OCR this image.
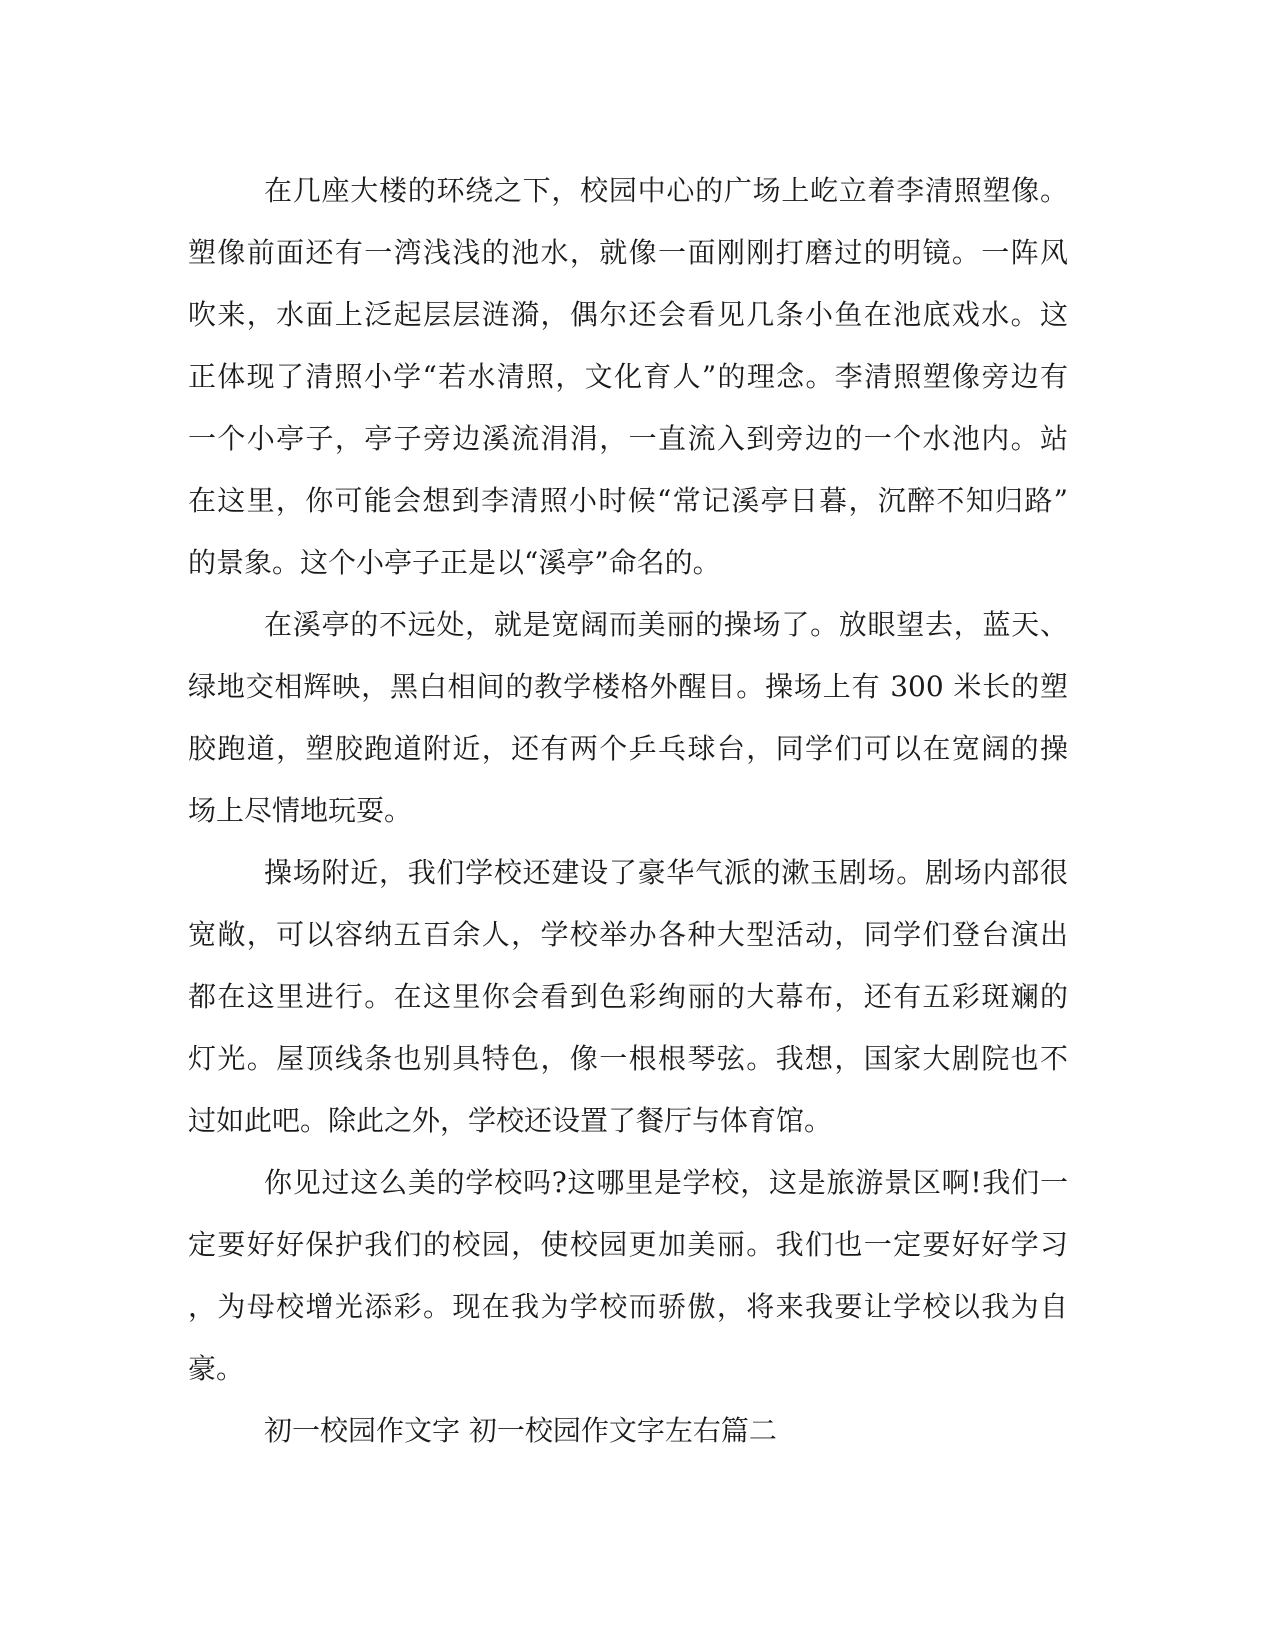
在几座大楼的环绕之下，校园中心的广场上屹立着李清照塑像。
塑像前面还有一湾浅浅的池水，就像一面刚刚打磨过的明镜。一阵风
吹来，水面上泛起层层涟漪，偶尔还会看见几条小鱼在池底戏水。这
正体现了清照小学“若水清照，文化育人”的理念。李清照塑像旁边有
一个小亭子，亭子旁边溪流涓涓，一直流入到旁边的一个水池内。站
在这里，你可能会想到李清照小时候“常记溪亭日暮，沉醉不知归路”
的景象。这个小亭子正是以“溪亭”命名的。
在溪亭的不远处，就是宽阔而美丽的操场了。放眼望去，蓝天、
绿地交相辉映，黑白相间的教学楼格外醒目。操场上有 300 米长的塑
胶跑道，塑胶跑道附近，还有两个乒乓球台，同学们可以在宽阔的操
场上尽情地玩耍。
操场附近，我们学校还建设了豪华气派的漱玉剧场。剧场内部很
宽敞，可以容纳五百余人，学校举办各种大型活动，同学们登台演出
都在这里进行。在这里你会看到色彩绚丽的大幕布，还有五彩斑斓的
灯光。屋顶线条也别具特色，像一根根琴弦。我想，国家大剧院也不
过如此吧。除此之外，学校还设置了餐厅与体育馆。
你见过这么美的学校吗?这哪里是学校，这是旅游景区啊!我们一
定要好好保护我们的校园，使校园更加美丽。我们也一定要好好学习
，为母校增光添彩。现在我为学校而骄傲，将来我要让学校以我为自
豪。
初一校园作文字 初一校园作文字左右篇二
